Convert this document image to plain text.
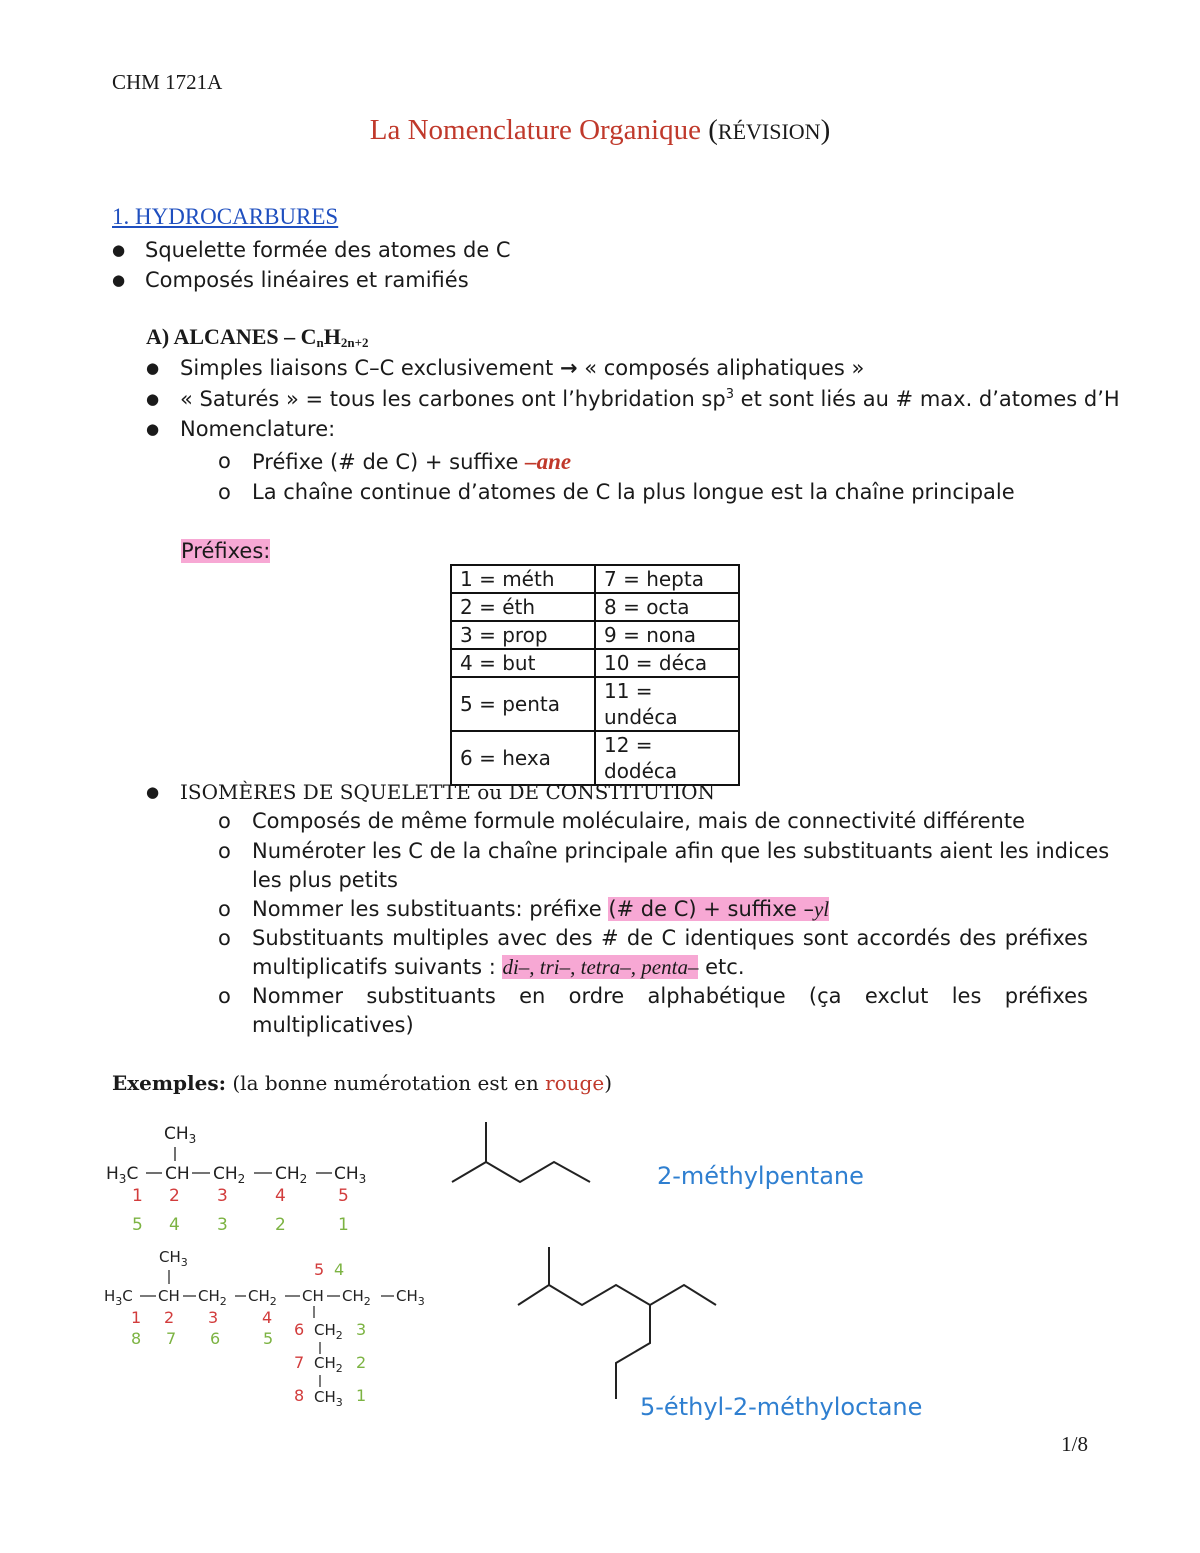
CHM 1721A
La Nomenclature Organique (RÉVISION)
1. HYDROCARBURES
● Squelette formée des atomes de C
● Composés linéaires et ramifiés
A) ALCANES – $C_nH_{2n+2}$
● Simples liaisons C–C exclusivement → « composés aliphatiques »
● « Saturés » = tous les carbones ont l’hybridation $sp^3$ et sont liés au # max. d’atomes d’H
● Nomenclature:
o Préfixe (# de C) + suffixe –ane
o La chaîne continue d’atomes de C la plus longue est la chaîne principale
Préfixes:
1 = méth	7 = hepta
2 = éth	8 = octa
3 = prop	9 = nona
4 = but	10 = déca
5 = penta	11 = undéca
6 = hexa	12 = dodéca
● ISOMÈRES DE SQUELETTE ou DE CONSTITUTION
o Composés de même formule moléculaire, mais de connectivité différente
o Numéroter les C de la chaîne principale afin que les substituants aient les indices
les plus petits
o Nommer les substituants: préfixe (# de C) + suffixe –yl
Substituants multiples avec des # de C identiques sont accordés des préfixes
o
multiplicatifs suivants : di–, tri–, tetra–, penta– etc.
o Nommer substituants en ordre alphabétique (ça exclut les préfixes
multiplicatives)
Exemples: (la bonne numérotation est en rouge)
$CH_3$
$H_3C$ CH $CH_2$ $CH_2$ $CH_3$
1 2 3	4	5
5 4 3	2	1
2-méthylpentane
$CH_3$
$H_3C$ CH $CH_2$ $CH_2$ CH $CH_2$ $CH_3$
$CH_2$
$CH_2$
$CH_3$
1 2 3	4
5
6
7
8
8 7 6	5
4
3
2
1	5-éthyl-2-méthyloctane
1/8
